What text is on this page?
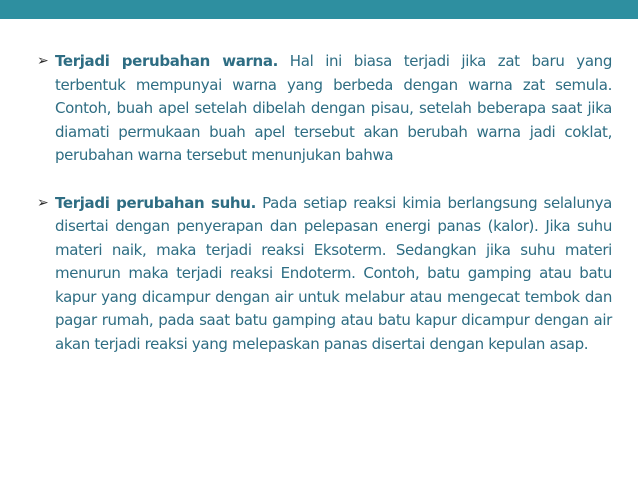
➢ Terjadi perubahan warna. Hal ini biasa terjadi jika zat baru yang terbentuk mempunyai warna yang berbeda dengan warna zat semula. Contoh, buah apel setelah dibelah dengan pisau, setelah beberapa saat jika diamati permukaan buah apel tersebut akan berubah warna jadi coklat, perubahan warna tersebut menunjukan bahwa
➢ Terjadi perubahan suhu. Pada setiap reaksi kimia berlangsung selalunya disertai dengan penyerapan dan pelepasan energi panas (kalor). Jika suhu materi naik, maka terjadi reaksi Eksoterm. Sedangkan jika suhu materi menurun maka terjadi reaksi Endoterm. Contoh, batu gamping atau batu kapur yang dicampur dengan air untuk melabur atau mengecat tembok dan pagar rumah, pada saat batu gamping atau batu kapur dicampur dengan air akan terjadi reaksi yang melepaskan panas disertai dengan kepulan asap.
